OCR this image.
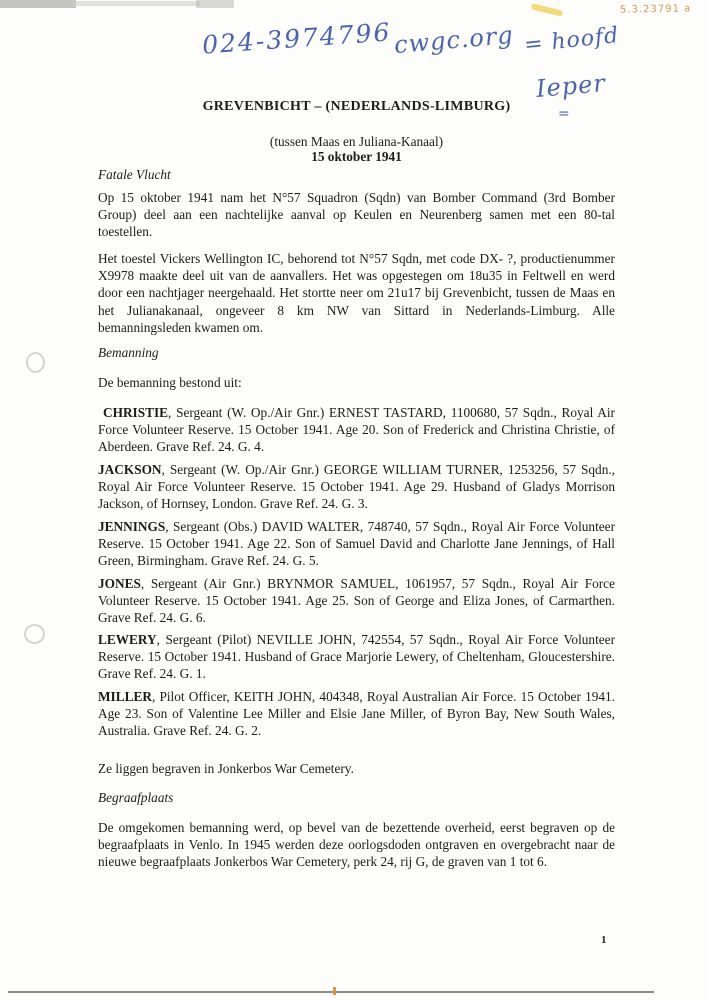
5.3.23791 a
024-3974796 cwgc.org = hoofd
Ieper
=
GREVENBICHT – (NEDERLANDS-LIMBURG)
(tussen Maas en Juliana-Kanaal)
15 oktober 1941
Fatale Vlucht
Op 15 oktober 1941 nam het N°57 Squadron (Sqdn) van Bomber Command (3rd Bomber Group) deel aan een nachtelijke aanval op Keulen en Neurenberg samen met een 80-tal toestellen.
Het toestel Vickers Wellington IC, behorend tot N°57 Sqdn, met code DX- ?, productienummer X9978 maakte deel uit van de aanvallers. Het was opgestegen om 18u35 in Feltwell en werd door een nachtjager neergehaald. Het stortte neer om 21u17 bij Grevenbicht, tussen de Maas en het Julianakanaal, ongeveer 8 km NW van Sittard in Nederlands-Limburg. Alle bemanningsleden kwamen om.
Bemanning
De bemanning bestond uit:
CHRISTIE, Sergeant (W. Op./Air Gnr.) ERNEST TASTARD, 1100680, 57 Sqdn., Royal Air Force Volunteer Reserve. 15 October 1941. Age 20. Son of Frederick and Christina Christie, of Aberdeen. Grave Ref. 24. G. 4.
JACKSON, Sergeant (W. Op./Air Gnr.) GEORGE WILLIAM TURNER, 1253256, 57 Sqdn., Royal Air Force Volunteer Reserve. 15 October 1941. Age 29. Husband of Gladys Morrison Jackson, of Hornsey, London. Grave Ref. 24. G. 3.
JENNINGS, Sergeant (Obs.) DAVID WALTER, 748740, 57 Sqdn., Royal Air Force Volunteer Reserve. 15 October 1941. Age 22. Son of Samuel David and Charlotte Jane Jennings, of Hall Green, Birmingham. Grave Ref. 24. G. 5.
JONES, Sergeant (Air Gnr.) BRYNMOR SAMUEL, 1061957, 57 Sqdn., Royal Air Force Volunteer Reserve. 15 October 1941. Age 25. Son of George and Eliza Jones, of Carmarthen. Grave Ref. 24. G. 6.
LEWERY, Sergeant (Pilot) NEVILLE JOHN, 742554, 57 Sqdn., Royal Air Force Volunteer Reserve. 15 October 1941. Husband of Grace Marjorie Lewery, of Cheltenham, Gloucestershire. Grave Ref. 24. G. 1.
MILLER, Pilot Officer, KEITH JOHN, 404348, Royal Australian Air Force. 15 October 1941. Age 23. Son of Valentine Lee Miller and Elsie Jane Miller, of Byron Bay, New South Wales, Australia. Grave Ref. 24. G. 2.
Ze liggen begraven in Jonkerbos War Cemetery.
Begraafplaats
De omgekomen bemanning werd, op bevel van de bezettende overheid, eerst begraven op de begraafplaats in Venlo. In 1945 werden deze oorlogsdoden ontgraven en overgebracht naar de nieuwe begraafplaats Jonkerbos War Cemetery, perk 24, rij G, de graven van 1 tot 6.
1
